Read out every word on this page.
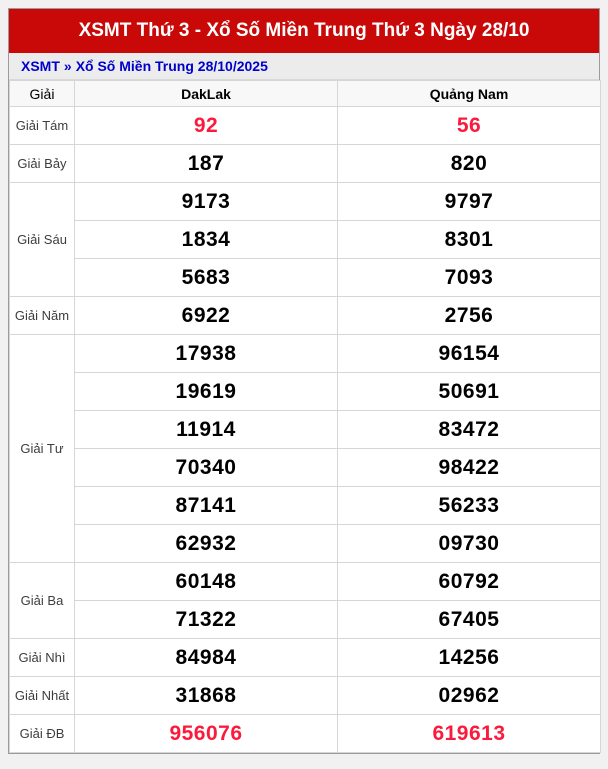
XSMT Thứ 3 - Xổ Số Miền Trung Thứ 3 Ngày 28/10
XSMT » Xổ Số Miền Trung 28/10/2025
Giải	DakLak	Quảng Nam
Giải Tám	92	56
Giải Bảy	187	820
Giải Sáu	9173	9797
	1834	8301
	5683	7093
Giải Năm	6922	2756
Giải Tư	17938	96154
	19619	50691
	11914	83472
	70340	98422
	87141	56233
	62932	09730
Giải Ba	60148	60792
	71322	67405
Giải Nhì	84984	14256
Giải Nhất	31868	02962
Giải ĐB	956076	619613
